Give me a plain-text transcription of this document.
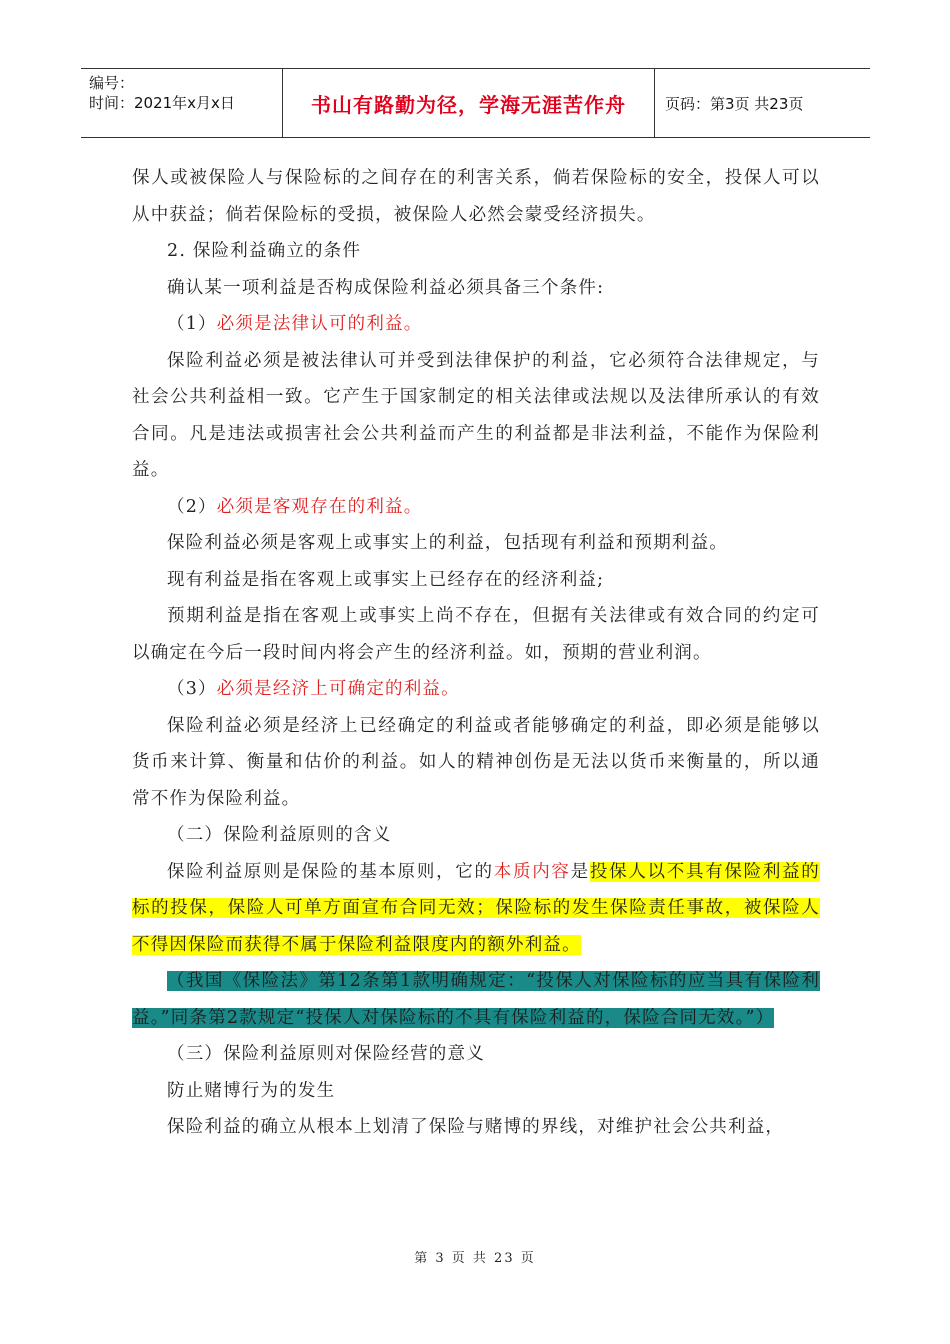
编号：
时间：2021年x月x日	书山有路勤为径，学海无涯苦作舟	页码：第3页 共23页

保人或被保险人与保险标的之间存在的利害关系，倘若保险标的安全，投保人可以从中获益；倘若保险标的受损，被保险人必然会蒙受经济损失。

2. 保险利益确立的条件

确认某一项利益是否构成保险利益必须具备三个条件:

（1）必须是法律认可的利益。

保险利益必须是被法律认可并受到法律保护的利益，它必须符合法律规定，与社会公共利益相一致。它产生于国家制定的相关法律或法规以及法律所承认的有效合同。凡是违法或损害社会公共利益而产生的利益都是非法利益，不能作为保险利益。

（2）必须是客观存在的利益。

保险利益必须是客观上或事实上的利益，包括现有利益和预期利益。

现有利益是指在客观上或事实上已经存在的经济利益;

预期利益是指在客观上或事实上尚不存在，但据有关法律或有效合同的约定可以确定在今后一段时间内将会产生的经济利益。如，预期的营业利润。

（3）必须是经济上可确定的利益。

保险利益必须是经济上已经确定的利益或者能够确定的利益，即必须是能够以货币来计算、衡量和估价的利益。如人的精神创伤是无法以货币来衡量的，所以通常不作为保险利益。

（二）保险利益原则的含义

保险利益原则是保险的基本原则，它的本质内容是投保人以不具有保险利益的标的投保，保险人可单方面宣布合同无效；保险标的发生保险责任事故，被保险人不得因保险而获得不属于保险利益限度内的额外利益。

（我国《保险法》第12条第1款明确规定：“投保人对保险标的应当具有保险利益。”同条第2款规定“投保人对保险标的不具有保险利益的，保险合同无效。”）

（三）保险利益原则对保险经营的意义

防止赌博行为的发生

保险利益的确立从根本上划清了保险与赌博的界线，对维护社会公共利益，

第 3 页 共 23 页
